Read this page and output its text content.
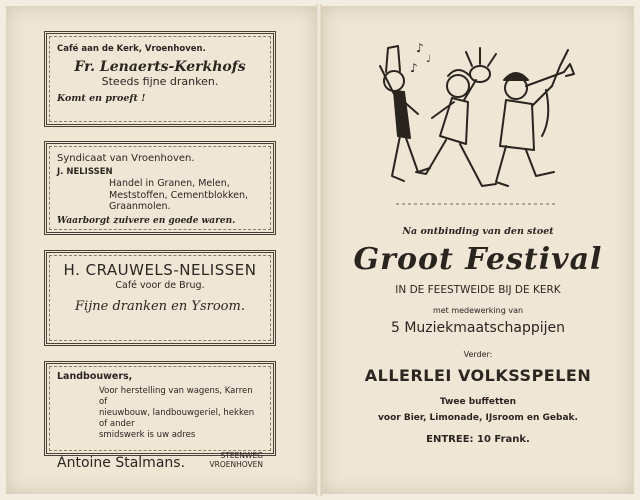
Café aan de Kerk, Vroenhoven.
Fr. Lenaerts-Kerkhofs
Steeds fijne dranken.
Komt en proeft !
Syndicaat van Vroenhoven.
J. NELISSEN
Handel in Granen, Melen,
Meststoffen, Cementblokken,
Graanmolen.
Waarborgt zuivere en goede waren.
H. CRAUWELS-NELISSEN
Café voor de Brug.
Fijne dranken en Ysroom.
Landbouwers,
Voor herstelling van wagens, Karren of
nieuwbouw, landbouwgeriel, hekken of ander
smidswerk is uw adres
Antoine Stalmans.	STEENWEG
VROENHOVEN
♪
♪
♩
Na ontbinding van den stoet
Groot Festival
IN DE FEESTWEIDE BIJ DE KERK
met medewerking van
5 Muziekmaatschappijen
Verder:
ALLERLEI VOLKSSPELEN
Twee buffetten
voor Bier, Limonade, IJsroom en Gebak.
ENTREE: 10 Frank.
